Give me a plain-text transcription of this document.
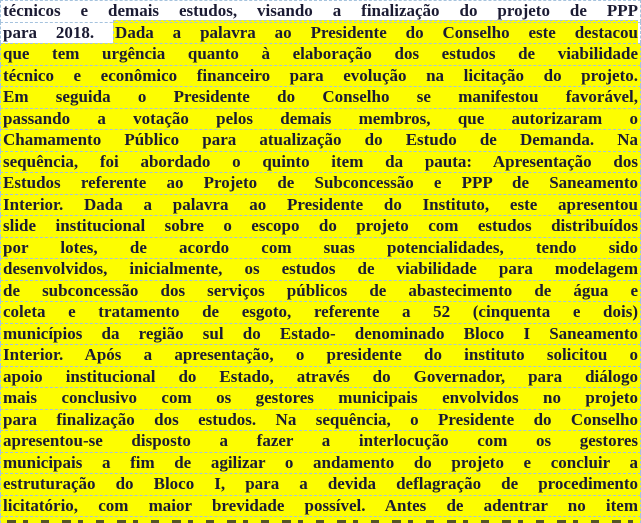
técnicos e demais estudos, visando a finalização do projeto de PPP
para 2018. Dada a palavra ao Presidente do Conselho este destacou
que tem urgência quanto à elaboração dos estudos de viabilidade
técnico e econômico financeiro para evolução na licitação do projeto.
Em seguida o Presidente do Conselho se manifestou favorável,
passando a votação pelos demais membros, que autorizaram o
Chamamento Público para atualização do Estudo de Demanda. Na
sequência, foi abordado o quinto item da pauta: Apresentação dos
Estudos referente ao Projeto de Subconcessão e PPP de Saneamento
Interior. Dada a palavra ao Presidente do Instituto, este apresentou
slide institucional sobre o escopo do projeto com estudos distribuídos
por lotes, de acordo com suas potencialidades, tendo sido
desenvolvidos, inicialmente, os estudos de viabilidade para modelagem
de subconcessão dos serviços públicos de abastecimento de água e
coleta e tratamento de esgoto, referente a 52 (cinquenta e dois)
municípios da região sul do Estado- denominado Bloco I Saneamento
Interior. Após a apresentação, o presidente do instituto solicitou o
apoio institucional do Estado, através do Governador, para diálogo
mais conclusivo com os gestores municipais envolvidos no projeto
para finalização dos estudos. Na sequência, o Presidente do Conselho
apresentou-se disposto a fazer a interlocução com os gestores
municipais a fim de agilizar o andamento do projeto e concluir a
estruturação do Bloco I, para a devida deflagração de procedimento
licitatório, com maior brevidade possível. Antes de adentrar no item
